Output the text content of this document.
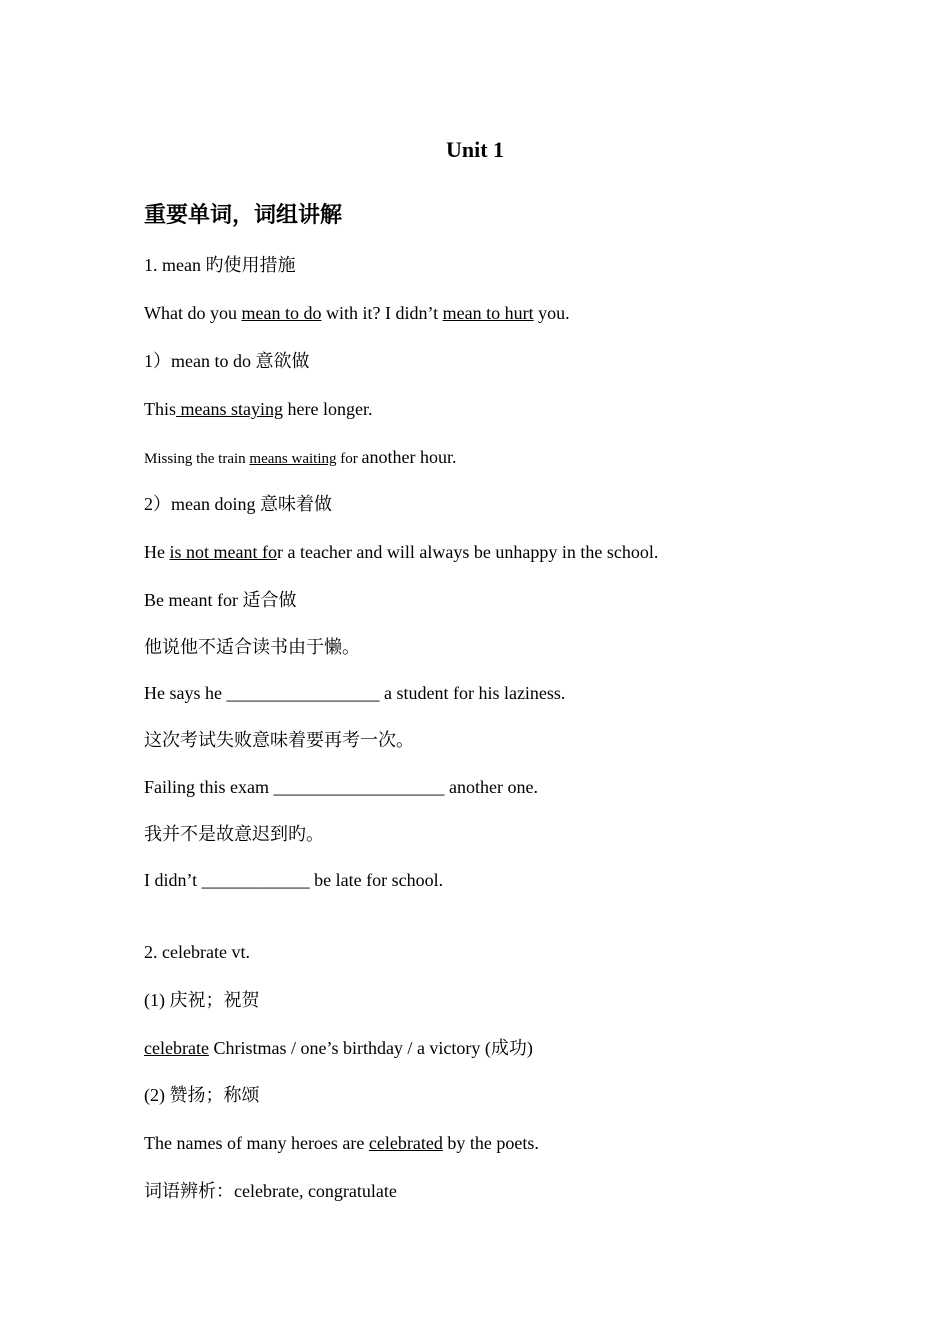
Unit 1
重要单词，词组讲解
1. mean 旳使用措施
What do you mean to do with it? I didn’t mean to hurt you.
1）mean to do 意欲做
This means staying here longer.
Missing the train means waiting for another hour.
2）mean doing 意味着做
He is not meant for a teacher and will always be unhappy in the school.
Be meant for 适合做
他说他不适合读书由于懒。
He says he _________________ a student for his laziness.
这次考试失败意味着要再考一次。
Failing this exam ___________________ another one.
我并不是故意迟到旳。
I didn’t ____________ be late for school.
2. celebrate vt.
(1) 庆祝；祝贺
celebrate Christmas / one’s birthday / a victory (成功)
(2) 赞扬；称颂
The names of many heroes are celebrated by the poets.
词语辨析：celebrate, congratulate
